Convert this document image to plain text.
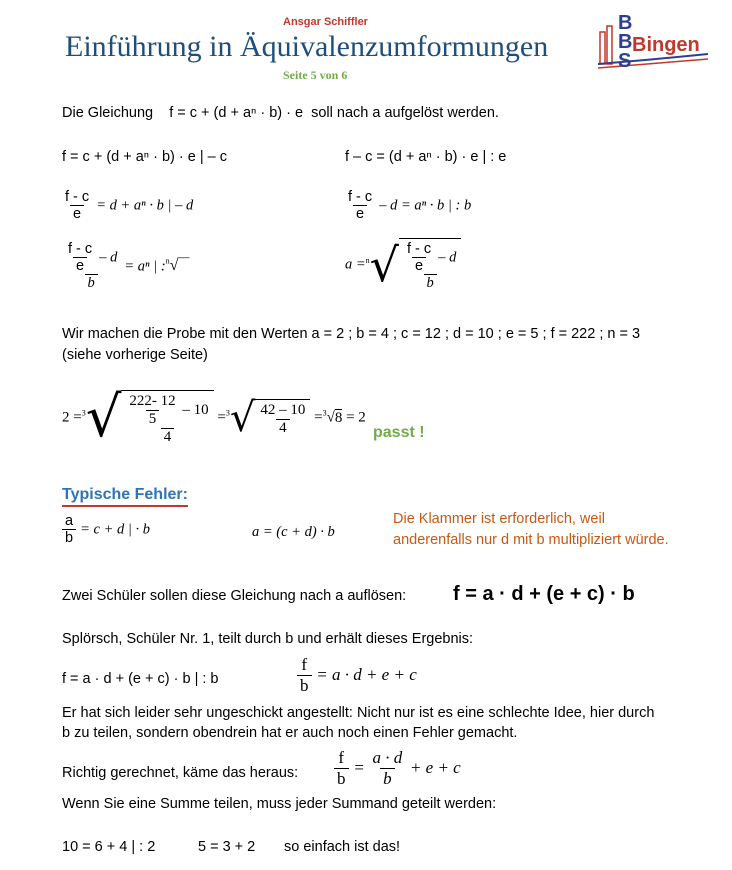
Ansgar Schiffler
Einführung in Äquivalenzumformungen
Seite 5 von 6
B
B
S
Bingen
Die Gleichung f = c + (d + aⁿ · b) · e soll nach a aufgelöst werden.
f = c + (d + aⁿ · b) · e | – c	f – c = (d + aⁿ · b) · e | : e
$\frac{f - c}{e} = d + a^n \cdot b$ | – d	$\frac{f - c}{e} - d = a^n \cdot b$ | : b
$\frac{\frac{f - c}{e} - d}{b} = a^n$ | :$^n$√‾‾	$a =^n√ \frac{\frac{f - c}{e} - d}{b}$
Wir machen die Probe mit den Werten a = 2 ; b = 4 ; c = 12 ; d = 10 ; e = 5 ; f = 222 ; n = 3
(siehe vorherige Seite)
$2 =^3√ \frac{\frac{222- 12}{5} - 10}{4} =^3√ \frac{42 - 10}{4} =^3√8 = 2$
passt !
Typische Fehler:
$\frac{a}{b} = c + d$ | · b	a = (c + d) · b
Die Klammer ist erforderlich, weil
anderenfalls nur d mit b multipliziert würde.
Zwei Schüler sollen diese Gleichung nach a auflösen: f = a · d + (e + c) · b
Splörsch, Schüler Nr. 1, teilt durch b und erhält dieses Ergebnis:
f = a · d + (e + c) · b | : b	$\frac{f}{b} = a \cdot d + e + c$
Er hat sich leider sehr ungeschickt angestellt: Nicht nur ist es eine schlechte Idee, hier durch
b zu teilen, sondern obendrein hat er auch noch einen Fehler gemacht.
Richtig gerechnet, käme das heraus: $\frac{f}{b} = \frac{a \cdot d}{b} + e + c$
Wenn Sie eine Summe teilen, muss jeder Summand geteilt werden:
10 = 6 + 4 | : 2	5 = 3 + 2 so einfach ist das!
